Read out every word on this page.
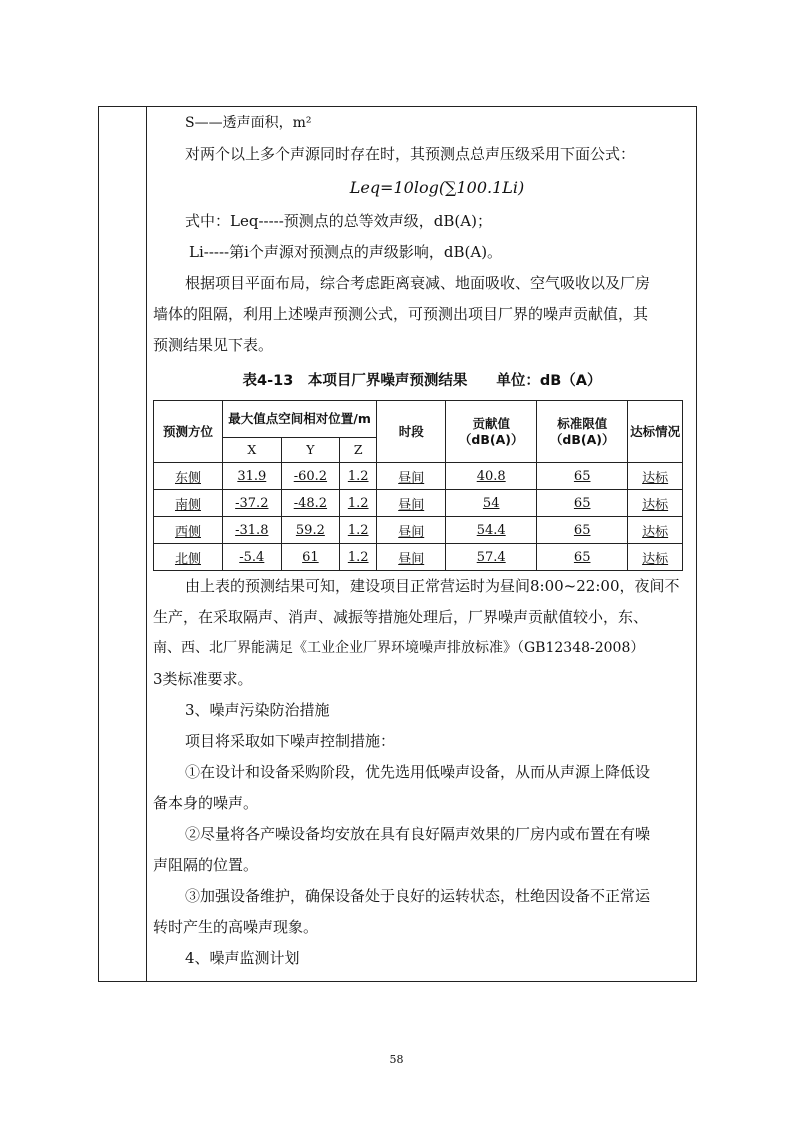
S——透声面积，m²

对两个以上多个声源同时存在时，其预测点总声压级采用下面公式：

Leq=10log(∑100.1Li)

式中：Leq-----预测点的总等效声级，dB(A)；

Li-----第i个声源对预测点的声级影响，dB(A)。

根据项目平面布局，综合考虑距离衰减、地面吸收、空气吸收以及厂房

墙体的阻隔，利用上述噪声预测公式，可预测出项目厂界的噪声贡献值，其

预测结果见下表。

表4-13　本项目厂界噪声预测结果　　单位：dB（A）
预测方位	最大值点空间相对位置/m			时段	贡献值（dB(A)）	标准限值（dB(A)）	达标情况
	X	Y	Z				
东侧	31.9	-60.2	1.2	昼间	40.8	65	达标
南侧	-37.2	-48.2	1.2	昼间	54	65	达标
西侧	-31.8	59.2	1.2	昼间	54.4	65	达标
北侧	-5.4	61	1.2	昼间	57.4	65	达标

由上表的预测结果可知，建设项目正常营运时为昼间8:00~22:00，夜间不

生产，在采取隔声、消声、减振等措施处理后，厂界噪声贡献值较小，东、

南、西、北厂界能满足《工业企业厂界环境噪声排放标准》（GB12348-2008）

3类标准要求。

3、噪声污染防治措施

项目将采取如下噪声控制措施：

①在设计和设备采购阶段，优先选用低噪声设备，从而从声源上降低设

备本身的噪声。

②尽量将各产噪设备均安放在具有良好隔声效果的厂房内或布置在有噪

声阻隔的位置。

③加强设备维护，确保设备处于良好的运转状态，杜绝因设备不正常运

转时产生的高噪声现象。

4、噪声监测计划

58
